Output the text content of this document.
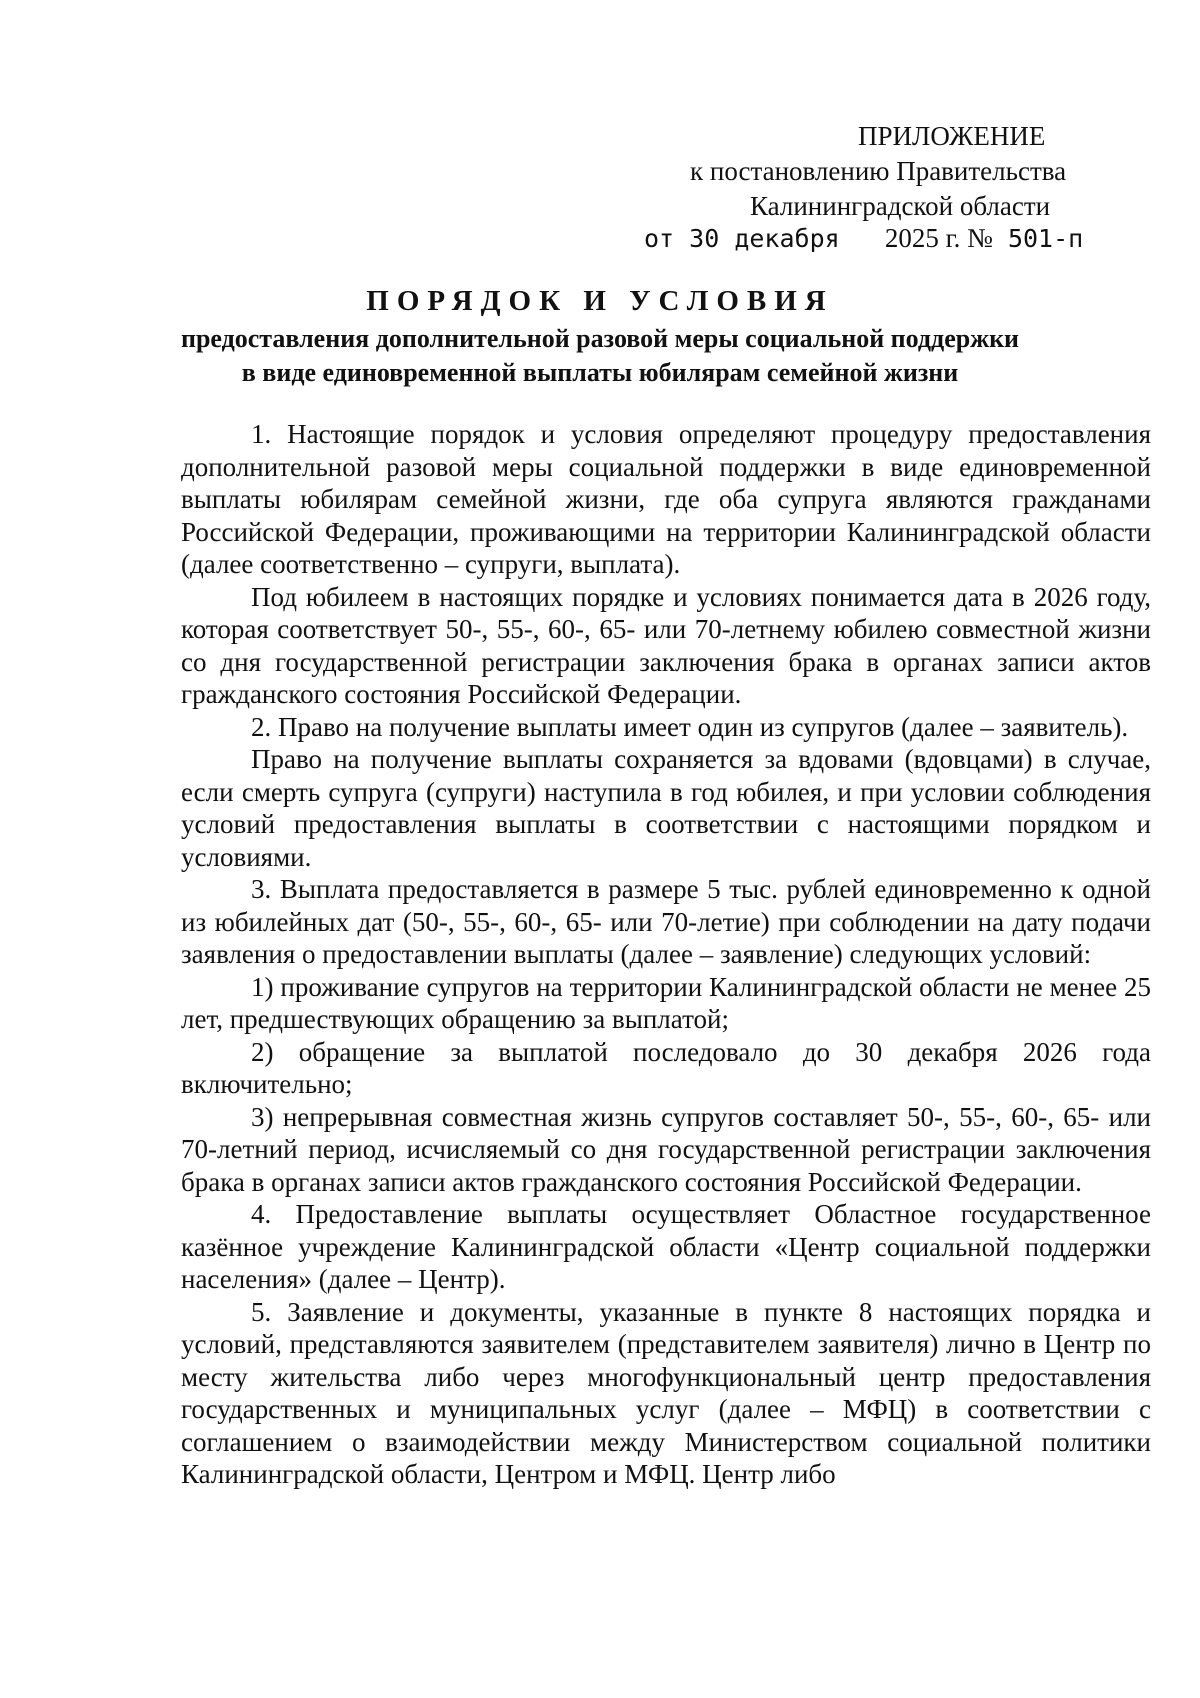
ПРИЛОЖЕНИЕ
к постановлению Правительства
Калининградской области
от 30 декабря 2025 г. № 501-п
ПОРЯДОК И УСЛОВИЯ
предоставления дополнительной разовой меры социальной поддержки
в виде единовременной выплаты юбилярам семейной жизни

1. Настоящие порядок и условия определяют процедуру предоставления дополнительной разовой меры социальной поддержки в виде единовременной выплаты юбилярам семейной жизни, где оба супруга являются гражданами Российской Федерации, проживающими на территории Калининградской области (далее соответственно – супруги, выплата).

Под юбилеем в настоящих порядке и условиях понимается дата в 2026 году, которая соответствует 50-, 55-, 60-, 65- или 70-летнему юбилею совместной жизни со дня государственной регистрации заключения брака в органах записи актов гражданского состояния Российской Федерации.

2. Право на получение выплаты имеет один из супругов (далее – заявитель).

Право на получение выплаты сохраняется за вдовами (вдовцами) в случае, если смерть супруга (супруги) наступила в год юбилея, и при условии соблюдения условий предоставления выплаты в соответствии с настоящими порядком и условиями.

3. Выплата предоставляется в размере 5 тыс. рублей единовременно к одной из юбилейных дат (50-, 55-, 60-, 65- или 70-летие) при соблюдении на дату подачи заявления о предоставлении выплаты (далее – заявление) следующих условий:

1) проживание супругов на территории Калининградской области не менее 25 лет, предшествующих обращению за выплатой;

2) обращение за выплатой последовало до 30 декабря 2026 года включительно;

3) непрерывная совместная жизнь супругов составляет 50-, 55-, 60-, 65- или 70-летний период, исчисляемый со дня государственной регистрации заключения брака в органах записи актов гражданского состояния Российской Федерации.

4. Предоставление выплаты осуществляет Областное государственное казённое учреждение Калининградской области «Центр социальной поддержки населения» (далее – Центр).

5. Заявление и документы, указанные в пункте 8 настоящих порядка и условий, представляются заявителем (представителем заявителя) лично в Центр по месту жительства либо через многофункциональный центр предоставления государственных и муниципальных услуг (далее – МФЦ) в соответствии с соглашением о взаимодействии между Министерством социальной политики Калининградской области, Центром и МФЦ. Центр либо
